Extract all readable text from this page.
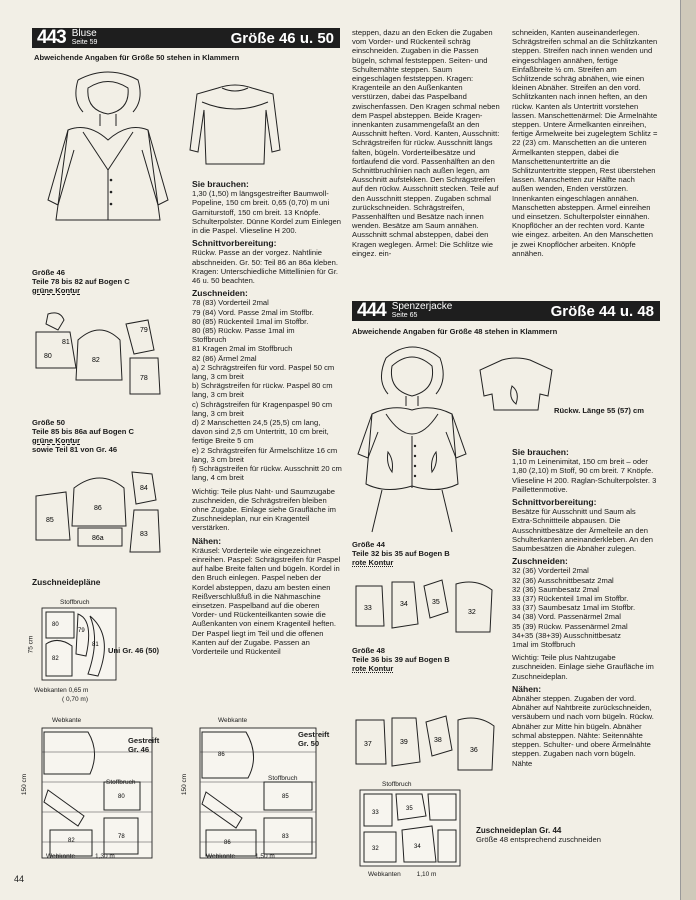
443 Bluse
Seite 59	Größe 46 u. 50
Abweichende Angaben für Größe 50 stehen in Klammern
Größe 46
Teile 78 bis 82 auf Bogen C
grüne Kontur
81
79
80
82
78
Größe 50
Teile 85 bis 86a auf Bogen C
grüne Kontur
sowie Teil 81 von Gr. 46
85
86
86a
84
83
Zuschneidepläne
80
79
82
81
Stoffbruch
75 cm	Uni Gr. 46 (50)
Webkanten 0,65 m
( 0,70 m)
Webkante
82
80
78
150 cm
Gestreift
Gr. 46
Stoffbruch
Webkante	1,30 m
Webkante
86
86
85
83
150 cm
Gestreift
Gr. 50
Stoffbruch
Webkante	1,50 m

Sie brauchen:

1,30 (1,50) m längsgestreifter Baumwoll-Popeline, 150 cm breit. 0,65 (0,70) m uni Garniturstoff, 150 cm breit. 13 Knöpfe. Schulterpolster. Dünne Kordel zum Einlegen in die Paspel. Vlieseline H 200.

Schnittvorbereitung:

Rückw. Passe an der vorgez. Nahtlinie abschneiden. Gr. 50: Teil 86 an 86a kleben. Kragen: Unterschiedliche Mittellinien für Gr. 46 u. 50 beachten.

Zuschneiden:

78 (83) Vorderteil 2mal

79 (84) Vord. Passe 2mal im Stoffbr.

80 (85) Rückenteil 1mal im Stoffbr.

80 (85) Rückw. Passe 1mal im

Stoffbruch

81 Kragen 2mal im Stoffbruch

82 (86) Ärmel 2mal

a) 2 Schrägstreifen für vord. Paspel 50 cm lang, 3 cm breit

b) Schrägstreifen für rückw. Paspel 80 cm lang, 3 cm breit

c) Schrägstreifen für Kragenpaspel 90 cm lang, 3 cm breit

d) 2 Manschetten 24,5 (25,5) cm lang, davon sind 2,5 cm Untertritt, 10 cm breit, fertige Breite 5 cm

e) 2 Schrägstreifen für Ärmelschlitze 16 cm lang, 3 cm breit

f) Schrägstreifen für rückw. Ausschnitt 20 cm lang, 4 cm breit

Wichtig: Teile plus Naht- und Saumzugabe zuschneiden, die Schrägstreifen bleiben ohne Zugabe. Einlage siehe Graufläche im Zuschneideplan, nur ein Kragenteil verstärken.

Nähen:

Kräusel: Vorderteile wie eingezeichnet einreihen. Paspel: Schrägstreifen für Paspel auf halbe Breite falten und bügeln. Kordel in den Bruch einlegen. Paspel neben der Kordel absteppen, dazu am besten einen Reißverschlußfuß in die Nähmaschine einsetzen. Paspelband auf die oberen Vorder- und Rückenteilkanten sowie die Außenkanten von einem Kragenteil heften. Der Paspel liegt im Teil und die offenen Kanten auf der Zugabe. Passen an Vorderteile und Rückenteil

steppen, dazu an den Ecken die Zugaben vom Vorder- und Rückenteil schräg einschneiden. Zugaben in die Passen bügeln, schmal feststeppen. Seiten- und Schulternähte steppen. Saum eingeschlagen feststeppen. Kragen: Kragenteile an den Außenkanten verstürzen, dabei das Paspelband zwischenfassen. Den Kragen schmal neben dem Paspel absteppen. Beide Krageninnenkanten zusammengefaßt an den Ausschnitt heften. Vord. Kanten, Ausschnitt: Schrägstreifen für rückw. Ausschnitt längs falten, bügeln. Vorderteilbesätze und fortlaufend die vord. Passenhälften an den Schnittbruchlinien nach außen legen, am Ausschnitt aufstekken. Den Schrägstreifen auf den rückw. Ausschnitt stecken. Teile auf den Ausschnitt steppen. Zugaben schmal zurückschneiden. Schrägstreifen, Passenhälften und Besätze nach innen wenden. Besätze am Saum annähen. Ausschnitt schmal absteppen, dabei den Kragen weglegen. Ärmel: Die Schlitze wie eingez. ein-

schneiden, Kanten auseinanderlegen. Schrägstreifen schmal an die Schlitzkanten steppen. Streifen nach innen wenden und eingeschlagen annähen, fertige Einfaßbreite ½ cm. Streifen am Schlitzende schräg abnähen, wie einen kleinen Abnäher. Streifen an den vord. Schlitzkanten nach innen heften, an den rückw. Kanten als Untertritt vorstehen lassen. Manschettenärmel: Die Ärmelnähte steppen. Untere Ärmelkanten einreihen, fertige Ärmelweite bei zugelegtem Schlitz = 22 (23) cm. Manschetten an die unteren Ärmelkanten steppen, dabei die Manschettenuntertritte an die Schlitzuntertritte steppen, Rest überstehen lassen. Manschetten zur Hälfte nach außen wenden, Enden verstürzen. Innenkanten eingeschlagen annähen. Manschetten absteppen. Ärmel einreihen und einsetzen. Schulterpolster einnähen. Knopflöcher an der rechten vord. Kante wie eingez. arbeiten. An den Manschetten je zwei Knopflöcher arbeiten. Knöpfe annähen.

444 Spenzerjacke
Seite 65	Größe 44 u. 48
Abweichende Angaben für Größe 48 stehen in Klammern
Rückw. Länge 55 (57) cm
Größe 44
Teile 32 bis 35 auf Bogen B
rote Kontur
33
34	35
32
Größe 48
Teile 36 bis 39 auf Bogen B
rote Kontur
37	39	38
36
Stoffbruch
33
35
32	34
Webkanten 1,10 m
Zuschneideplan Gr. 44
Größe 48 entsprechend zuschneiden

Sie brauchen:

1,10 m Leinenimitat, 150 cm breit – oder 1,80 (2,10) m Stoff, 90 cm breit. 7 Knöpfe. Vlieseline H 200. Raglan-Schulterpolster. 3 Paillettenmotive.

Schnittvorbereitung:

Besätze für Ausschnitt und Saum als Extra-Schnittteile abpausen. Die Ausschnittbesätze der Ärmelteile an den Schulterkanten aneinanderkleben. An den Saumbesätzen die Abnäher zulegen.

Zuschneiden:

32 (36) Vorderteil 2mal

32 (36) Ausschnittbesatz 2mal

32 (36) Saumbesatz 2mal

33 (37) Rückenteil 1mal im Stoffbr.

33 (37) Saumbesatz 1mal im Stoffbr.

34 (38) Vord. Passenärmel 2mal

35 (39) Rückw. Passenärmel 2mal

34+35 (38+39) Ausschnittbesatz

1mal im Stoffbruch

Wichtig: Teile plus Nahtzugabe zuschneiden. Einlage siehe Graufläche im Zuschneideplan.

Nähen:

Abnäher steppen. Zugaben der vord. Abnäher auf Nahtbreite zurückschneiden, versäubern und nach vorn bügeln. Rückw. Abnäher zur Mitte hin bügeln. Abnäher schmal absteppen. Nähte: Seitennähte steppen. Schulter- und obere Ärmelnähte steppen. Zugaben nach vorn bügeln. Nähte

44
